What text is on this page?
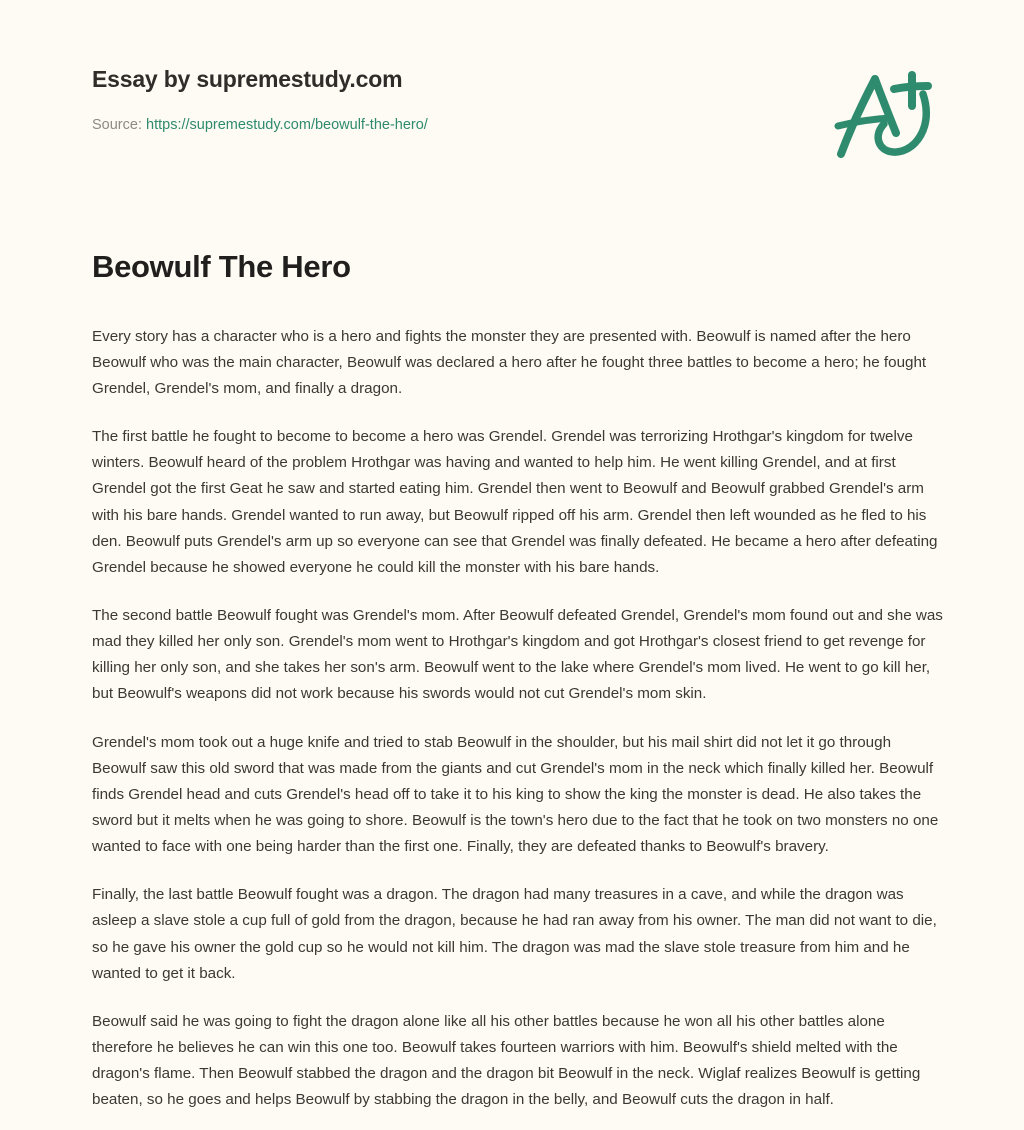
Essay by supremestudy.com
Source: https://supremestudy.com/beowulf-the-hero/
Beowulf The Hero

Every story has a character who is a hero and fights the monster they are presented with. Beowulf is named after the hero Beowulf who was the main character, Beowulf was declared a hero after he fought three battles to become a hero; he fought Grendel, Grendel's mom, and finally a dragon.

The first battle he fought to become to become a hero was Grendel. Grendel was terrorizing Hrothgar's kingdom for twelve winters. Beowulf heard of the problem Hrothgar was having and wanted to help him. He went killing Grendel, and at first Grendel got the first Geat he saw and started eating him. Grendel then went to Beowulf and Beowulf grabbed Grendel's arm with his bare hands. Grendel wanted to run away, but Beowulf ripped off his arm. Grendel then left wounded as he fled to his den. Beowulf puts Grendel's arm up so everyone can see that Grendel was finally defeated. He became a hero after defeating Grendel because he showed everyone he could kill the monster with his bare hands.

The second battle Beowulf fought was Grendel's mom. After Beowulf defeated Grendel, Grendel's mom found out and she was mad they killed her only son. Grendel's mom went to Hrothgar's kingdom and got Hrothgar's closest friend to get revenge for killing her only son, and she takes her son's arm. Beowulf went to the lake where Grendel's mom lived. He went to go kill her, but Beowulf's weapons did not work because his swords would not cut Grendel's mom skin.

Grendel's mom took out a huge knife and tried to stab Beowulf in the shoulder, but his mail shirt did not let it go through Beowulf saw this old sword that was made from the giants and cut Grendel's mom in the neck which finally killed her. Beowulf finds Grendel head and cuts Grendel's head off to take it to his king to show the king the monster is dead. He also takes the sword but it melts when he was going to shore. Beowulf is the town's hero due to the fact that he took on two monsters no one wanted to face with one being harder than the first one. Finally, they are defeated thanks to Beowulf's bravery.

Finally, the last battle Beowulf fought was a dragon. The dragon had many treasures in a cave, and while the dragon was asleep a slave stole a cup full of gold from the dragon, because he had ran away from his owner. The man did not want to die, so he gave his owner the gold cup so he would not kill him. The dragon was mad the slave stole treasure from him and he wanted to get it back.

Beowulf said he was going to fight the dragon alone like all his other battles because he won all his other battles alone therefore he believes he can win this one too. Beowulf takes fourteen warriors with him. Beowulf's shield melted with the dragon's flame. Then Beowulf stabbed the dragon and the dragon bit Beowulf in the neck. Wiglaf realizes Beowulf is getting beaten, so he goes and helps Beowulf by stabbing the dragon in the belly, and Beowulf cuts the dragon in half.
